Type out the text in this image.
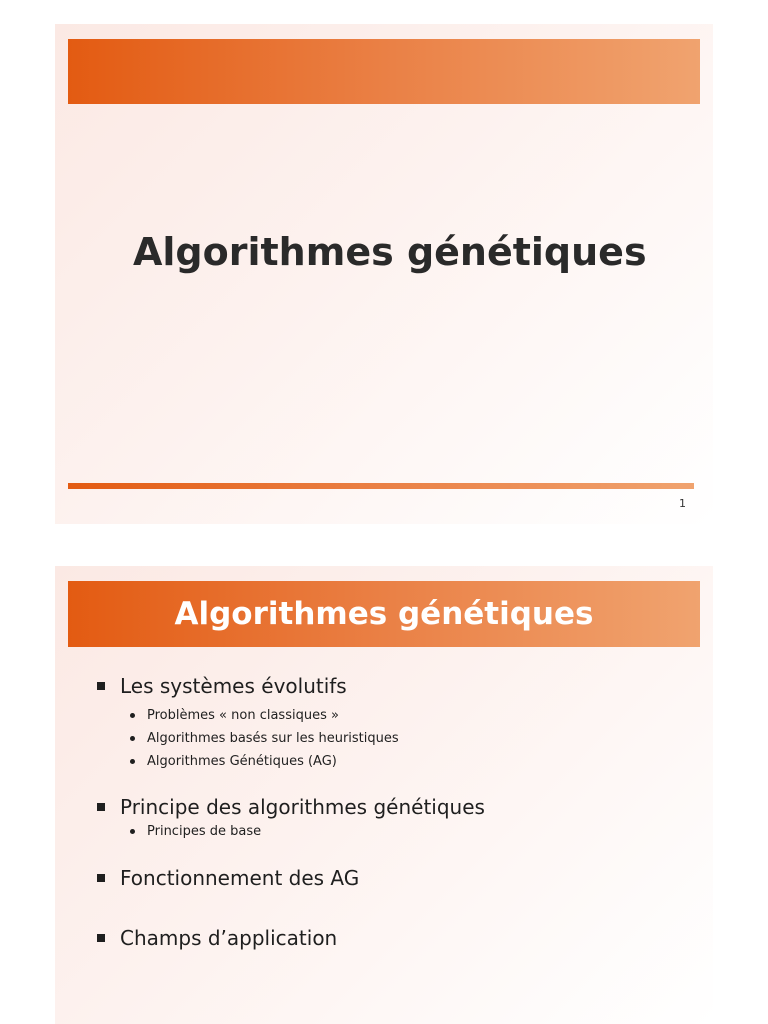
Algorithmes génétiques
1
Algorithmes génétiques
Les systèmes évolutifs
Problèmes « non classiques »
Algorithmes basés sur les heuristiques
Algorithmes Génétiques (AG)
Principe des algorithmes génétiques
Principes de base
Fonctionnement des AG
Champs d’application
